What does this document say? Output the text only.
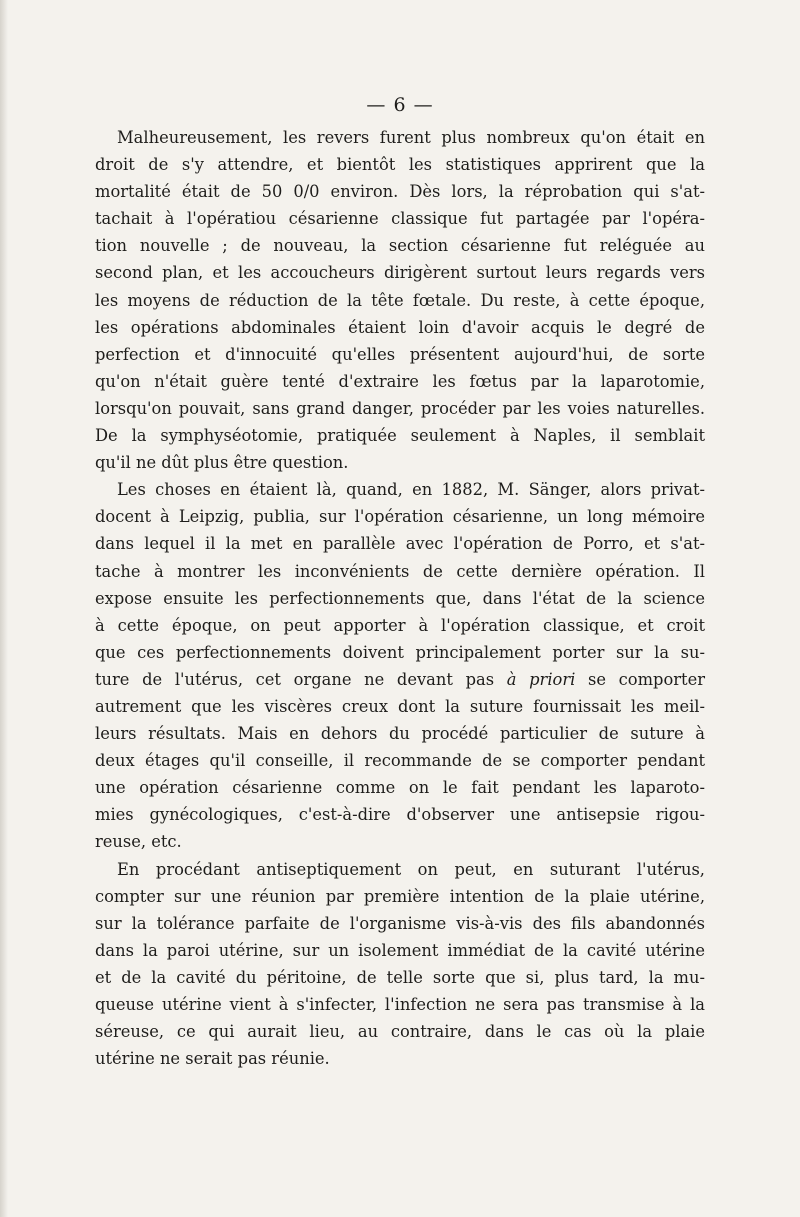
— 6 —
Malheureusement, les revers furent plus nombreux qu'on était en
droit de s'y attendre, et bientôt les statistiques apprirent que la
mortalité était de 50 0/0 environ. Dès lors, la réprobation qui s'at-
tachait à l'opératiou césarienne classique fut partagée par l'opéra-
tion nouvelle ; de nouveau, la section césarienne fut reléguée au
second plan, et les accoucheurs dirigèrent surtout leurs regards vers
les moyens de réduction de la tête fœtale. Du reste, à cette époque,
les opérations abdominales étaient loin d'avoir acquis le degré de
perfection et d'innocuité qu'elles présentent aujourd'hui, de sorte
qu'on n'était guère tenté d'extraire les fœtus par la laparotomie,
lorsqu'on pouvait, sans grand danger, procéder par les voies naturelles.
De la symphyséotomie, pratiquée seulement à Naples, il semblait
qu'il ne dût plus être question.
Les choses en étaient là, quand, en 1882, M. Sänger, alors privat-
docent à Leipzig, publia, sur l'opération césarienne, un long mémoire
dans lequel il la met en parallèle avec l'opération de Porro, et s'at-
tache à montrer les inconvénients de cette dernière opération. Il
expose ensuite les perfectionnements que, dans l'état de la science
à cette époque, on peut apporter à l'opération classique, et croit
que ces perfectionnements doivent principalement porter sur la su-
ture de l'utérus, cet organe ne devant pas à priori se comporter
autrement que les viscères creux dont la suture fournissait les meil-
leurs résultats. Mais en dehors du procédé particulier de suture à
deux étages qu'il conseille, il recommande de se comporter pendant
une opération césarienne comme on le fait pendant les laparoto-
mies gynécologiques, c'est-à-dire d'observer une antisepsie rigou-
reuse, etc.
En procédant antiseptiquement on peut, en suturant l'utérus,
compter sur une réunion par première intention de la plaie utérine,
sur la tolérance parfaite de l'organisme vis-à-vis des fils abandonnés
dans la paroi utérine, sur un isolement immédiat de la cavité utérine
et de la cavité du péritoine, de telle sorte que si, plus tard, la mu-
queuse utérine vient à s'infecter, l'infection ne sera pas transmise à la
séreuse, ce qui aurait lieu, au contraire, dans le cas où la plaie
utérine ne serait pas réunie.
